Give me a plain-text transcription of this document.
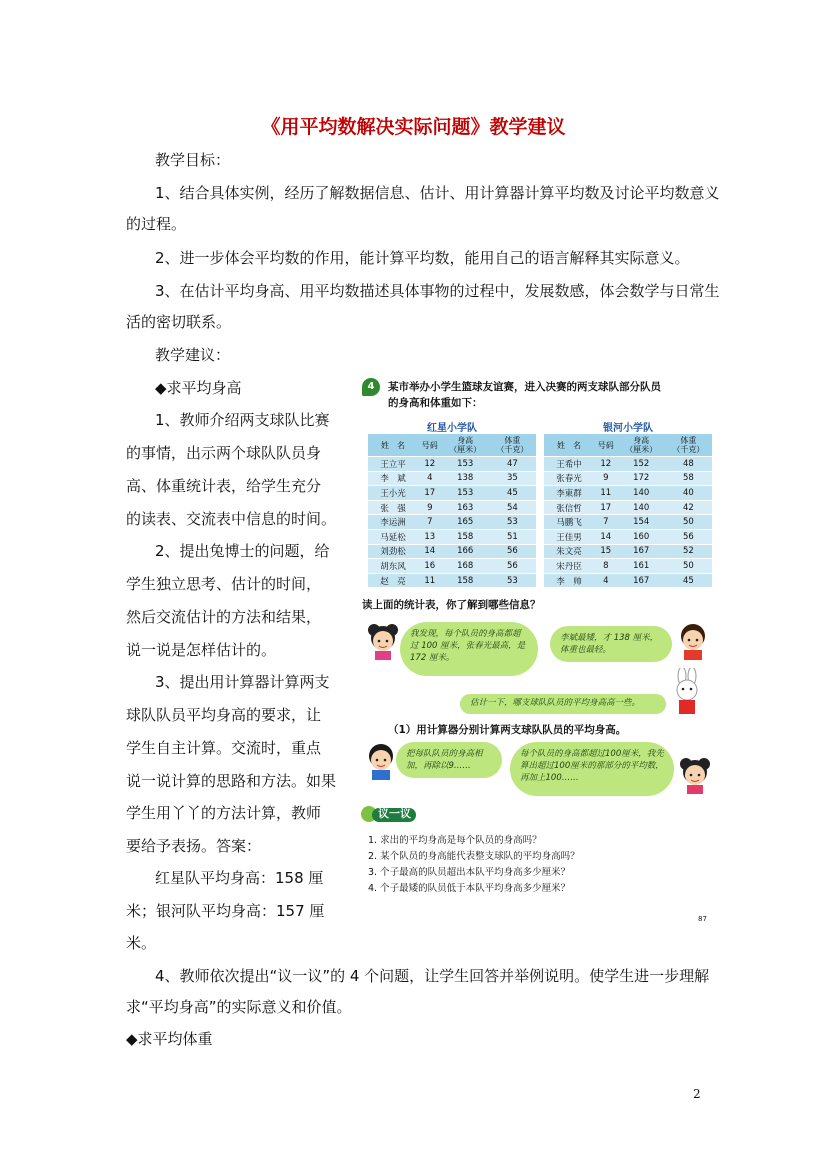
《用平均数解决实际问题》教学建议
教学目标：
1、结合具体实例，经历了解数据信息、估计、用计算器计算平均数及讨论平均数意义
的过程。
2、进一步体会平均数的作用，能计算平均数，能用自己的语言解释其实际意义。
3、在估计平均身高、用平均数描述具体事物的过程中，发展数感，体会数学与日常生
活的密切联系。
教学建议：
◆求平均身高
1、教师介绍两支球队比赛
的事情，出示两个球队队员身
高、体重统计表，给学生充分
的读表、交流表中信息的时间。
2、提出兔博士的问题，给
学生独立思考、估计的时间，
然后交流估计的方法和结果，
说一说是怎样估计的。
3、提出用计算器计算两支
球队队员平均身高的要求，让
学生自主计算。交流时，重点
说一说计算的思路和方法。如果
学生用丫丫的方法计算，教师
要给予表扬。答案：
红星队平均身高：158 厘
米；银河队平均身高：157 厘
米。
4、教师依次提出“议一议”的 4 个问题，让学生回答并举例说明。使学生进一步理解
求“平均身高”的实际意义和价值。
◆求平均体重
2
4	某市举办小学生篮球友谊赛，进入决赛的两支球队部分队员
的身高和体重如下：
红星小学队			
姓　名	号码	身高
（厘米）	体重
（千克）
王立平	12	153	47
李　斌	4	138	35
王小光	17	153	45
张　强	9	163	54
李运洲	7	165	53
马延松	13	158	51
刘劲松	14	166	56
胡东风	16	168	56
赵　亮	11	158	53
银河小学队			
姓　名	号码	身高
（厘米）	体重
（千克）
王希中	12	152	48
张春光	9	172	58
李東群	11	140	40
张信哲	17	140	42
马鹏飞	7	154	50
王佳男	14	160	56
朱文亮	15	167	52
宋丹臣	8	161	50
李　帅	4	167	45
读上面的统计表，你了解到哪些信息？
我发现，每个队员的身高都超过 100 厘米，张春光最高，是 172 厘米。
李斌最矮，才 138 厘米，体重也最轻。
估计一下，哪支球队队员的平均身高高一些。
（1）用计算器分别计算两支球队队员的平均身高。
把每队队员的身高相加，再除以9……
每个队员的身高都超过100厘米，我先算出超过100厘米的那部分的平均数，再加上100……
议一议
1. 求出的平均身高是每个队员的身高吗？
2. 某个队员的身高能代表整支球队的平均身高吗？
3. 个子最高的队员超出本队平均身高多少厘米？
4. 个子最矮的队员低于本队平均身高多少厘米？
87
